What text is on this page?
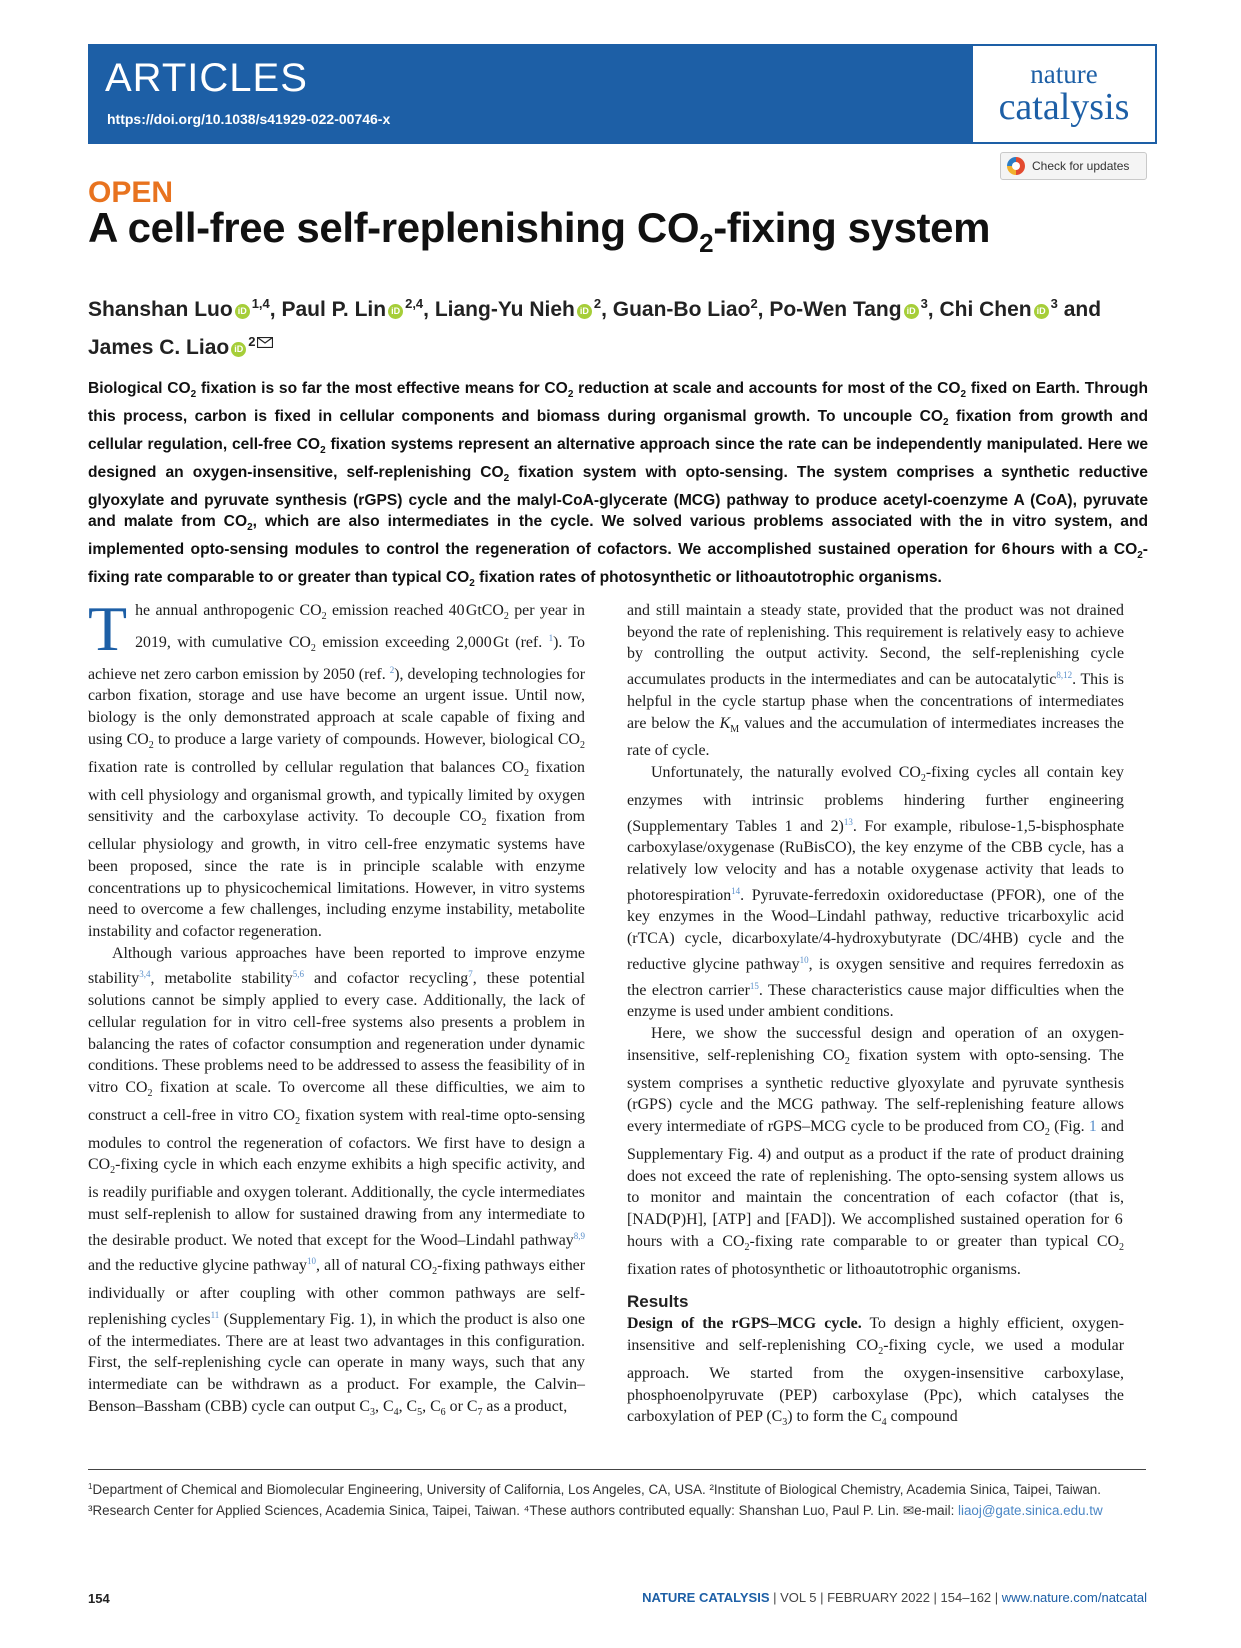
ARTICLES
https://doi.org/10.1038/s41929-022-00746-x
nature
catalysis
Check for updates
OPEN
A cell-free self-replenishing $CO_2$-fixing system
Shanshan Luo iD $^{1,4}$, Paul P. Lin iD $^{2,4}$, Liang-Yu Nieh iD $^2$, Guan-Bo Liao$^2$, Po-Wen Tang iD $^3$, Chi Chen iD $^3$ and
James C. Liao iD $^2$
Biological $CO_2$ fixation is so far the most effective means for $CO_2$ reduction at scale and accounts for most of the $CO_2$ fixed on Earth. Through this process, carbon is fixed in cellular components and biomass during organismal growth. To uncouple $CO_2$ fixation from growth and cellular regulation, cell-free $CO_2$ fixation systems represent an alternative approach since the rate can be independently manipulated. Here we designed an oxygen-insensitive, self-replenishing $CO_2$ fixation system with opto-sensing. The system comprises a synthetic reductive glyoxylate and pyruvate synthesis (rGPS) cycle and the malyl-CoA-glycerate (MCG) pathway to produce acetyl-coenzyme A (CoA), pyruvate and malate from $CO_2$, which are also intermediates in the cycle. We solved various problems associated with the in vitro system, and implemented opto-sensing modules to control the regeneration of cofactors. We accomplished sustained operation for 6 hours with a $CO_2$-fixing rate comparable to or greater than typical $CO_2$ fixation rates of photosynthetic or lithoautotrophic organisms.

The annual anthropogenic $CO_2$ emission reached 40 GtCO$_2$ per year in 2019, with cumulative $CO_2$ emission exceeding 2,000 Gt (ref. $^1$). To achieve net zero carbon emission by 2050 (ref. $^2$), developing technologies for carbon fixation, storage and use have become an urgent issue. Until now, biology is the only demonstrated approach at scale capable of fixing and using $CO_2$ to produce a large variety of compounds. However, biological $CO_2$ fixation rate is controlled by cellular regulation that balances $CO_2$ fixation with cell physiology and organismal growth, and typically limited by oxygen sensitivity and the carboxylase activity. To decouple $CO_2$ fixation from cellular physiology and growth, in vitro cell-free enzymatic systems have been proposed, since the rate is in principle scalable with enzyme concentrations up to physicochemical limitations. However, in vitro systems need to overcome a few challenges, including enzyme instability, metabolite instability and cofactor regeneration.

Although various approaches have been reported to improve enzyme stability$^{3,4}$, metabolite stability$^{5,6}$ and cofactor recycling$^7$, these potential solutions cannot be simply applied to every case. Additionally, the lack of cellular regulation for in vitro cell-free systems also presents a problem in balancing the rates of cofactor consumption and regeneration under dynamic conditions. These problems need to be addressed to assess the feasibility of in vitro $CO_2$ fixation at scale. To overcome all these difficulties, we aim to construct a cell-free in vitro $CO_2$ fixation system with real-time opto-sensing modules to control the regeneration of cofactors. We first have to design a $CO_2$-fixing cycle in which each enzyme exhibits a high specific activity, and is readily purifiable and oxygen tolerant. Additionally, the cycle intermediates must self-replenish to allow for sustained drawing from any intermediate to the desirable product. We noted that except for the Wood–Lindahl pathway$^{8,9}$ and the reductive glycine pathway$^{10}$, all of natural $CO_2$-fixing pathways either individually or after coupling with other common pathways are self-replenishing cycles$^{11}$ (Supplementary Fig. 1), in which the product is also one of the intermediates. There are at least two advantages in this configuration. First, the self-replenishing cycle can operate in many ways, such that any intermediate can be withdrawn as a product. For example, the Calvin–Benson–Bassham (CBB) cycle can output $C_3$, $C_4$, $C_5$, $C_6$ or $C_7$ as a product,

and still maintain a steady state, provided that the product was not drained beyond the rate of replenishing. This requirement is relatively easy to achieve by controlling the output activity. Second, the self-replenishing cycle accumulates products in the intermediates and can be autocatalytic$^{8,12}$. This is helpful in the cycle startup phase when the concentrations of intermediates are below the $K_M$ values and the accumulation of intermediates increases the rate of cycle.

Unfortunately, the naturally evolved $CO_2$-fixing cycles all contain key enzymes with intrinsic problems hindering further engineering (Supplementary Tables 1 and 2)$^{13}$. For example, ribulose-1,5-bisphosphate carboxylase/oxygenase (RuBisCO), the key enzyme of the CBB cycle, has a relatively low velocity and has a notable oxygenase activity that leads to photorespiration$^{14}$. Pyruvate-ferredoxin oxidoreductase (PFOR), one of the key enzymes in the Wood–Lindahl pathway, reductive tricarboxylic acid (rTCA) cycle, dicarboxylate/4-hydroxybutyrate (DC/4HB) cycle and the reductive glycine pathway$^{10}$, is oxygen sensitive and requires ferredoxin as the electron carrier$^{15}$. These characteristics cause major difficulties when the enzyme is used under ambient conditions.

Here, we show the successful design and operation of an oxygen-insensitive, self-replenishing $CO_2$ fixation system with opto-sensing. The system comprises a synthetic reductive glyoxylate and pyruvate synthesis (rGPS) cycle and the MCG pathway. The self-replenishing feature allows every intermediate of rGPS–MCG cycle to be produced from $CO_2$ (Fig. 1 and Supplementary Fig. 4) and output as a product if the rate of product draining does not exceed the rate of replenishing. The opto-sensing system allows us to monitor and maintain the concentration of each cofactor (that is, [NAD(P)H], [ATP] and [FAD]). We accomplished sustained operation for 6 hours with a $CO_2$-fixing rate comparable to or greater than typical $CO_2$ fixation rates of photosynthetic or lithoautotrophic organisms.

Results

Design of the rGPS–MCG cycle. To design a highly efficient, oxygen-insensitive and self-replenishing $CO_2$-fixing cycle, we used a modular approach. We started from the oxygen-insensitive carboxylase, phosphoenolpyruvate (PEP) carboxylase (Ppc), which catalyses the carboxylation of PEP $(C_3)$ to form the $C_4$ compound

$^1$Department of Chemical and Biomolecular Engineering, University of California, Los Angeles, CA, USA. ²Institute of Biological Chemistry, Academia Sinica, Taipei, Taiwan. ³Research Center for Applied Sciences, Academia Sinica, Taipei, Taiwan. ⁴These authors contributed equally: Shanshan Luo, Paul P. Lin. ✉e-mail: liaoj@gate.sinica.edu.tw
154	NATURE CATALYSIS | VOL 5 | FEBRUARY 2022 | 154–162 | www.nature.com/natcatal
